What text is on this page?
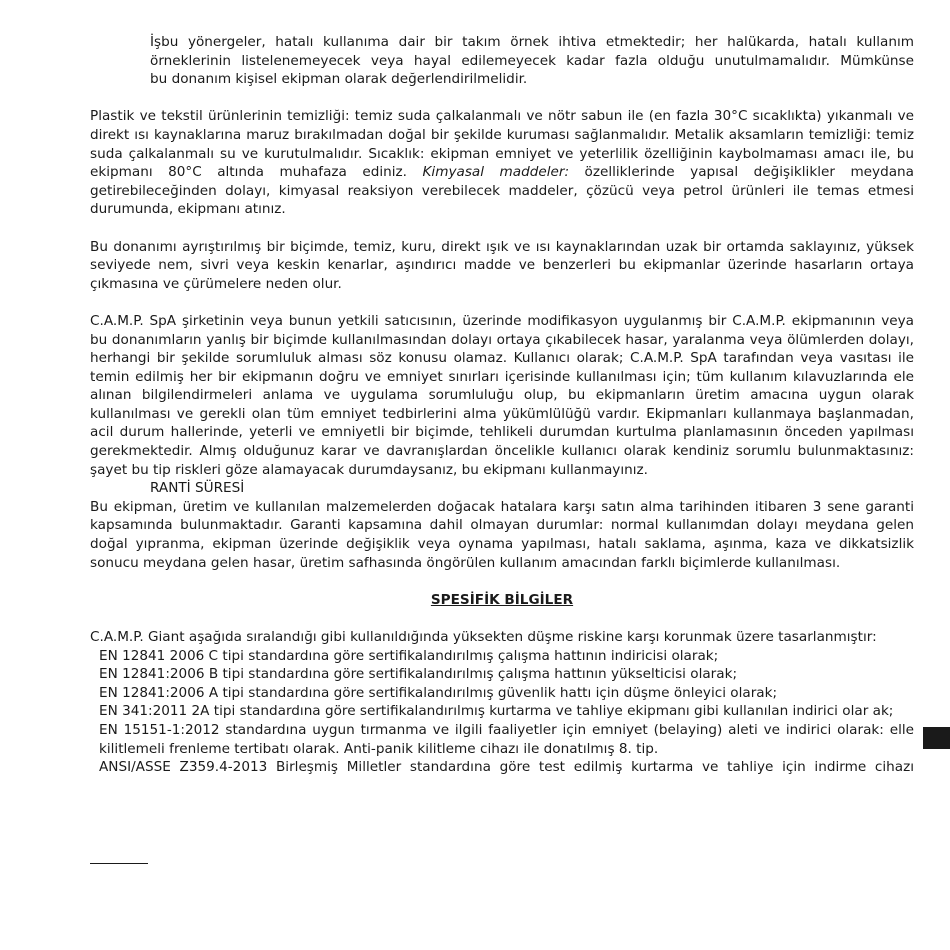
İşbu yönergeler, hatalı kullanıma dair bir takım örnek ihtiva etmektedir; her halükarda, hatalı kullanım
örneklerinin listelenemeyecek veya hayal edilemeyecek kadar fazla olduğu unutulmamalıdır. Mümkünse
bu donanım kişisel ekipman olarak değerlendirilmelidir.
Plastik ve tekstil ürünlerinin temizliği: temiz suda çalkalanmalı ve nötr sabun ile (en fazla 30°C sıcaklıkta) yıkanmalı ve direkt ısı kaynaklarına maruz bırakılmadan doğal bir şekilde kuruması sağlanmalıdır. Metalik aksamların temizliği: temiz suda çalkalanmalı su ve kurutulmalıdır. Sıcaklık: ekipman emniyet ve yeterlilik özelliğinin kaybolmaması amacı ile, bu ekipmanı 80°C altında muhafaza ediniz. Kimyasal maddeler: özelliklerinde yapısal değişiklikler meydana getirebileceğinden dolayı, kimyasal reaksiyon verebilecek maddeler, çözücü veya petrol ürünleri ile temas etmesi durumunda, ekipmanı atınız.
Bu donanımı ayrıştırılmış bir biçimde, temiz, kuru, direkt ışık ve ısı kaynaklarından uzak bir ortamda saklayınız, yüksek seviyede nem, sivri veya keskin kenarlar, aşındırıcı madde ve benzerleri bu ekipmanlar üzerinde hasarların ortaya çıkmasına ve çürümelere neden olur.
C.A.M.P. SpA şirketinin veya bunun yetkili satıcısının, üzerinde modifikasyon uygulanmış bir C.A.M.P. ekipmanının veya bu donanımların yanlış bir biçimde kullanılmasından dolayı ortaya çıkabilecek hasar, yaralanma veya ölümlerden dolayı, herhangi bir şekilde sorumluluk alması söz konusu olamaz. Kullanıcı olarak; C.A.M.P. SpA tarafından veya vasıtası ile temin edilmiş her bir ekipmanın doğru ve emniyet sınırları içerisinde kullanılması için; tüm kullanım kılavuzlarında ele alınan bilgilendirmeleri anlama ve uygulama sorumluluğu olup, bu ekipmanların üretim amacına uygun olarak kullanılması ve gerekli olan tüm emniyet tedbirlerini alma yükümlülüğü vardır. Ekipmanları kullanmaya başlanmadan, acil durum hallerinde, yeterli ve emniyetli bir biçimde, tehlikeli durumdan kurtulma planlamasının önceden yapılması gerekmektedir. Almış olduğunuz karar ve davranışlardan öncelikle kullanıcı olarak kendiniz sorumlu bulunmaktasınız: şayet bu tip riskleri göze alamayacak durumdaysanız, bu ekipmanı kullanmayınız.
RANTİ SÜRESİ
Bu ekipman, üretim ve kullanılan malzemelerden doğacak hatalara karşı satın alma tarihinden itibaren 3 sene garanti kapsamında bulunmaktadır. Garanti kapsamına dahil olmayan durumlar: normal kullanımdan dolayı meydana gelen doğal yıpranma, ekipman üzerinde değişiklik veya oynama yapılması, hatalı saklama, aşınma, kaza ve dikkatsizlik sonucu meydana gelen hasar, üretim safhasında öngörülen kullanım amacından farklı biçimlerde kullanılması.
SPESİFİK BİLGİLER
C.A.M.P. Giant aşağıda sıralandığı gibi kullanıldığında yüksekten düşme riskine karşı korunmak üzere tasarlanmıştır:
EN 12841 2006 C tipi standardına göre sertifikalandırılmış çalışma hattının indiricisi olarak;
EN 12841:2006 B tipi standardına göre sertifikalandırılmış çalışma hattının yükselticisi olarak;
EN 12841:2006 A tipi standardına göre sertifikalandırılmış güvenlik hattı için düşme önleyici olarak;
EN 341:2011 2A tipi standardına göre sertifikalandırılmış kurtarma ve tahliye ekipmanı gibi kullanılan indirici olar ak;
EN 15151-1:2012 standardına uygun tırmanma ve ilgili faaliyetler için emniyet (belaying) aleti ve indirici olarak: elle kilitlemeli frenleme tertibatı olarak. Anti-panik kilitleme cihazı ile donatılmış 8. tip.
ANSI/ASSE Z359.4-2013 Birleşmiş Milletler standardına göre test edilmiş kurtarma ve tahliye için indirme cihazı
